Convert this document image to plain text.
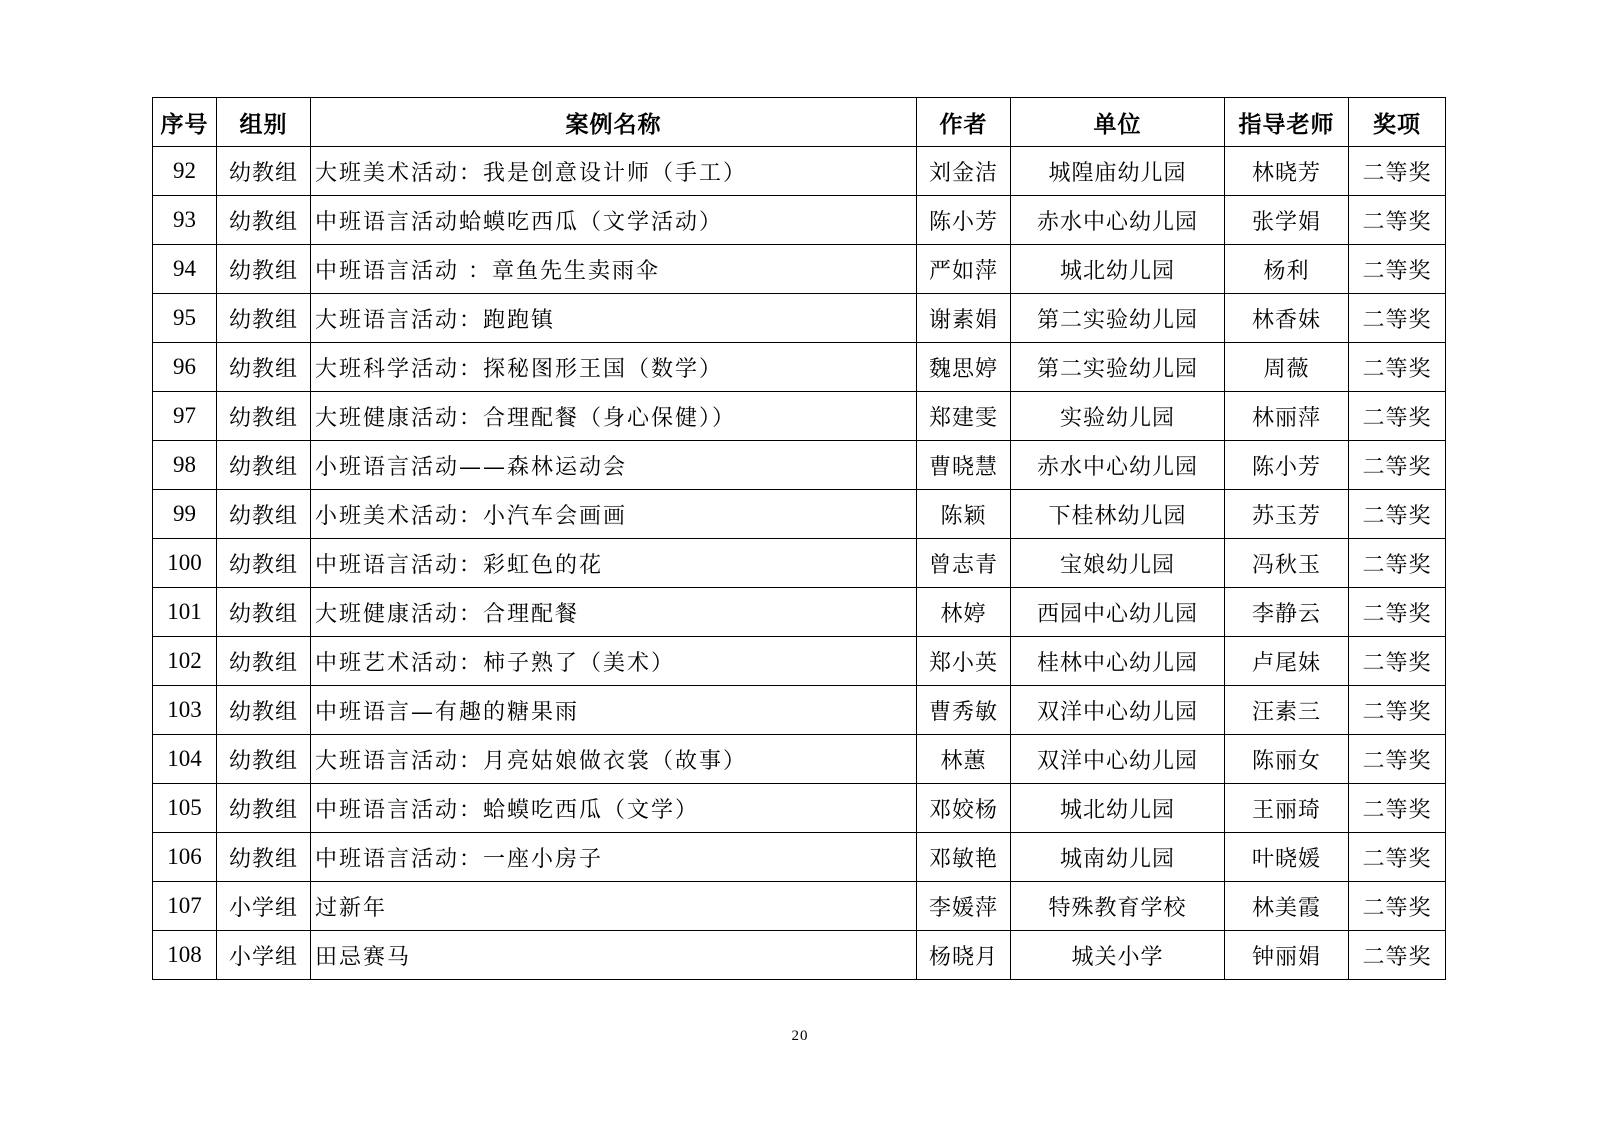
序号	组别	案例名称	作者	单位	指导老师	奖项
92	幼教组	大班美术活动：我是创意设计师（手工）	刘金洁	城隍庙幼儿园	林晓芳	二等奖
93	幼教组	中班语言活动蛤蟆吃西瓜（文学活动）	陈小芳	赤水中心幼儿园	张学娟	二等奖
94	幼教组	中班语言活动 ：章鱼先生卖雨伞	严如萍	城北幼儿园	杨利	二等奖
95	幼教组	大班语言活动：跑跑镇	谢素娟	第二实验幼儿园	林香妹	二等奖
96	幼教组	大班科学活动：探秘图形王国（数学）	魏思婷	第二实验幼儿园	周薇	二等奖
97	幼教组	大班健康活动：合理配餐（身心保健））	郑建雯	实验幼儿园	林丽萍	二等奖
98	幼教组	小班语言活动——森林运动会	曹晓慧	赤水中心幼儿园	陈小芳	二等奖
99	幼教组	小班美术活动：小汽车会画画	陈颖	下桂林幼儿园	苏玉芳	二等奖
100	幼教组	中班语言活动：彩虹色的花	曾志青	宝娘幼儿园	冯秋玉	二等奖
101	幼教组	大班健康活动：合理配餐	林婷	西园中心幼儿园	李静云	二等奖
102	幼教组	中班艺术活动：柿子熟了（美术）	郑小英	桂林中心幼儿园	卢尾妹	二等奖
103	幼教组	中班语言—有趣的糖果雨	曹秀敏	双洋中心幼儿园	汪素三	二等奖
104	幼教组	大班语言活动：月亮姑娘做衣裳（故事）	林蕙	双洋中心幼儿园	陈丽女	二等奖
105	幼教组	中班语言活动：蛤蟆吃西瓜（文学）	邓姣杨	城北幼儿园	王丽琦	二等奖
106	幼教组	中班语言活动：一座小房子	邓敏艳	城南幼儿园	叶晓媛	二等奖
107	小学组	过新年	李媛萍	特殊教育学校	林美霞	二等奖
108	小学组	田忌赛马	杨晓月	城关小学	钟丽娟	二等奖
20
